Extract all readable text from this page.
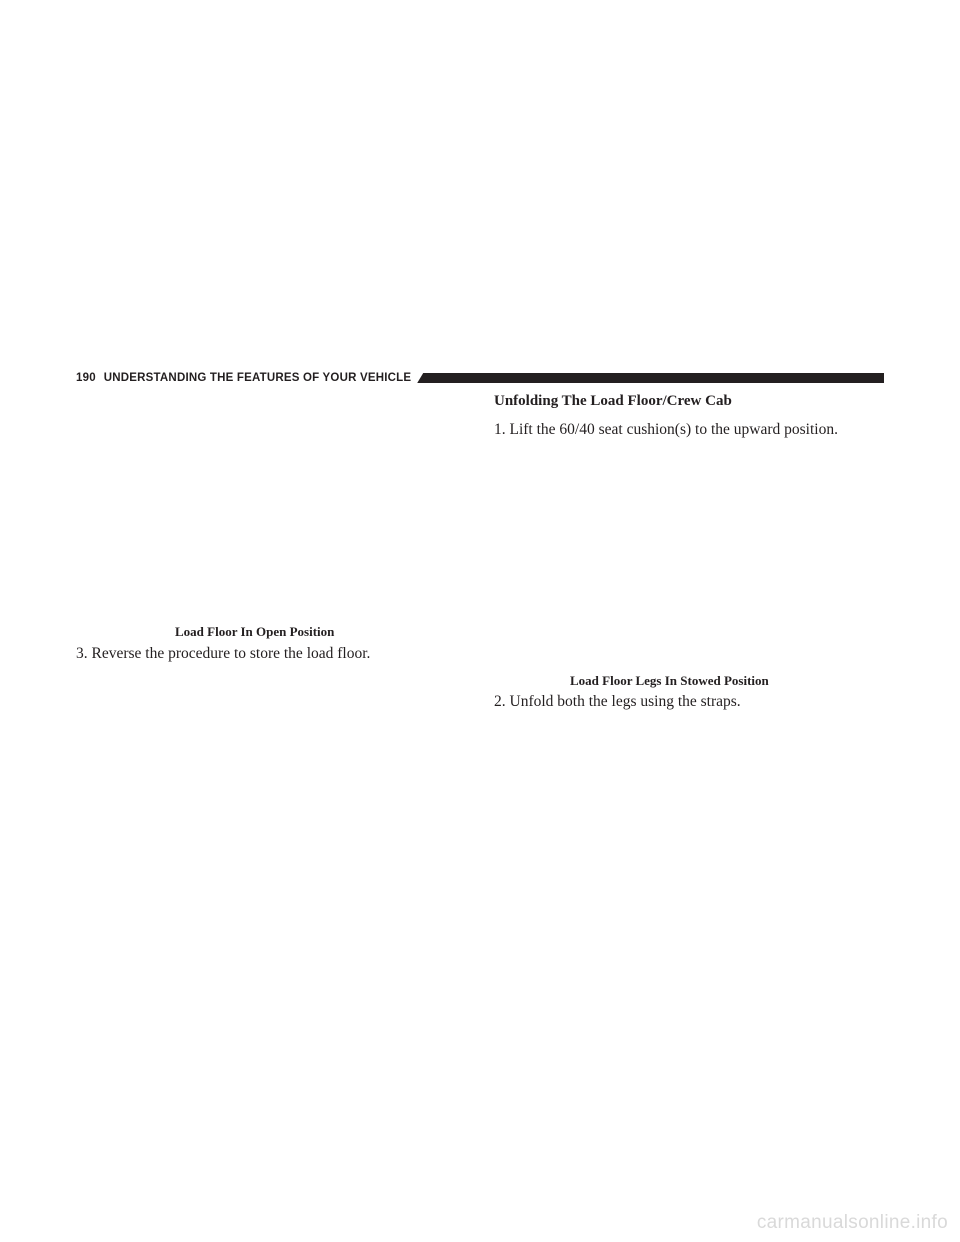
190 UNDERSTANDING THE FEATURES OF YOUR VEHICLE
Load Floor In Open Position
3. Reverse the procedure to store the load floor.
Unfolding The Load Floor/Crew Cab
1. Lift the 60/40 seat cushion(s) to the upward position.
Load Floor Legs In Stowed Position
2. Unfold both the legs using the straps.
carmanualsonline.info
